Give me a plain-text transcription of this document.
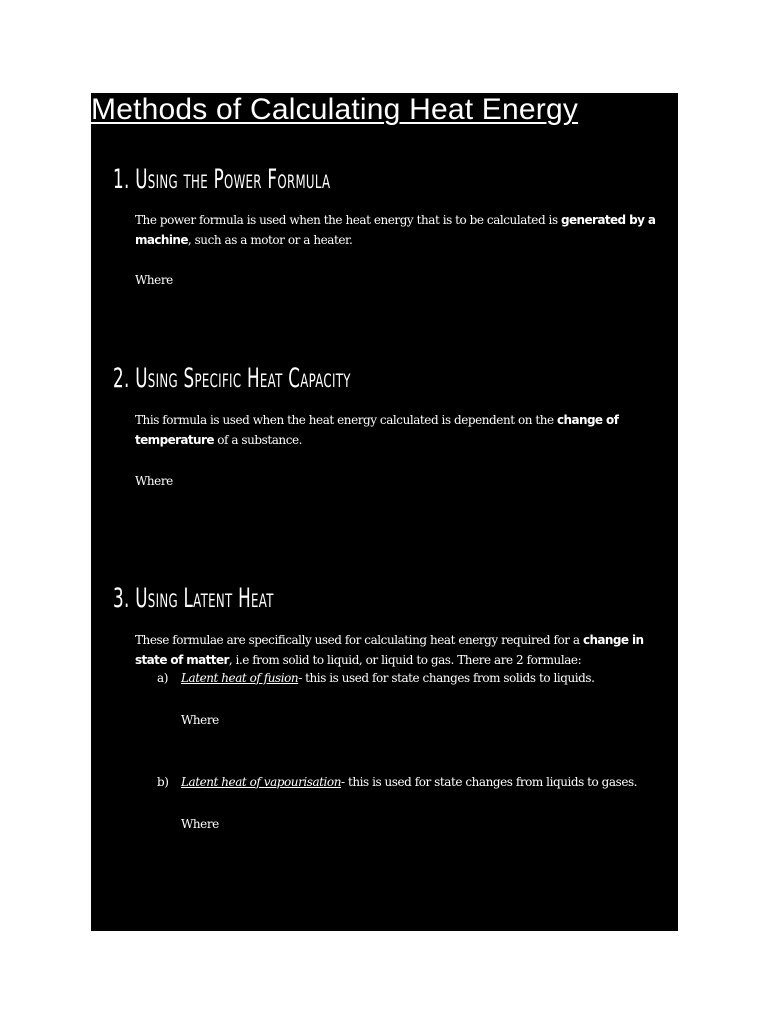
Methods of Calculating Heat Energy
1. Using the Power Formula
The power formula is used when the heat energy that is to be calculated is generated by a machine, such as a motor or a heater.
Where
2. Using Specific Heat Capacity
This formula is used when the heat energy calculated is dependent on the change of temperature of a substance.
Where
3. Using Latent Heat
These formulae are specifically used for calculating heat energy required for a change in state of matter, i.e from solid to liquid, or liquid to gas. There are 2 formulae:
a) Latent heat of fusion- this is used for state changes from solids to liquids.
Where
b) Latent heat of vapourisation- this is used for state changes from liquids to gases.
Where
